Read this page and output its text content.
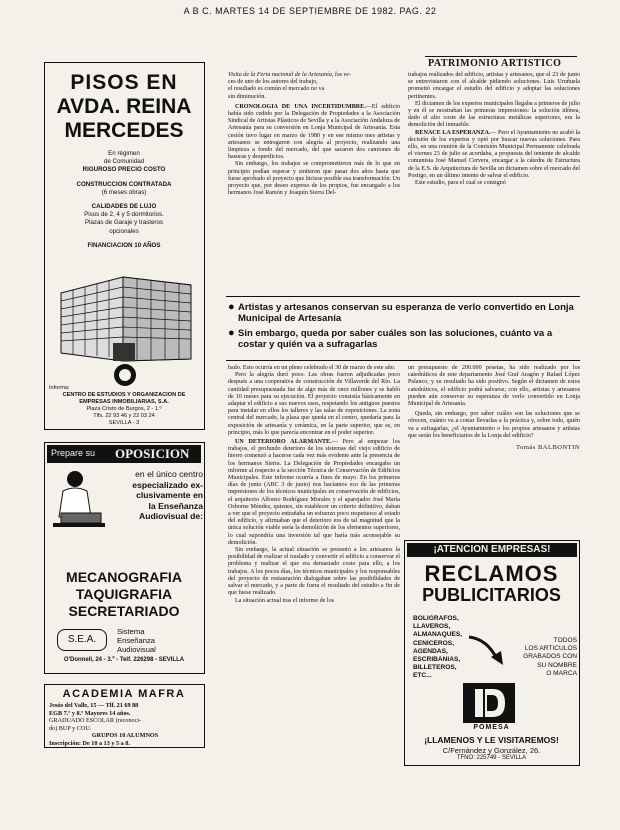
A B C. MARTES 14 DE SEPTIEMBRE DE 1982. PAG. 22
PISOS EN
AVDA. REINA
MERCEDES
En régimen
de Comunidad
RIGUROSO PRECIO COSTO
CONSTRUCCION CONTRATADA
(6 meses obras)
CALIDADES DE LUJO
Pisos de 2, 4 y 5 dormitorios.
Plazas de Garaje y trasteros
opcionales
FINANCIACION 10 AÑOS
Informa:
CENTRO DE ESTUDIOS Y ORGANIZACION DE
EMPRESAS INMOBILIARIAS, S.A.
Plaza Cristo de Burgos, 2 - 1.º
Tlfs. 22 93 46 y 22 03 24
SEVILLA - 3
Prepare su OPOSICION
en el único centro
especializado ex-
clusivamente en
la Enseñanza
Audiovisual de:
MECANOGRAFIA
TAQUIGRAFIA
SECRETARIADO
S.E.A.
Sistema
Enseñanza
Audiovisual
O'Donnell, 24 - 3.º - Telf. 226298 - SEVILLA
ACADEMIA MAFRA
Jesús del Valle, 15 — Tlf. 21 69 88
EGB 7.º y 8.º Mayores 14 años.
GRADUADO ESCOLAR (reconoci-
do) BUP y COU.
GRUPOS 10 ALUMNOS
Inscripción: De 10 a 13 y 5 a 8.
PATRIMONIO ARTISTICO
Visita de la Feria nacional de la Artesanía, los ve-
ces de uno de los autores del trabajo,
el resultado es común el mercado no va
sin diminución.

CRONOLOGIA DE UNA INCERTIDUMBRE.—El edificio había sido cedido por la Delegación de Propiedades a la Asociación Sindical de Artistas Plásticos de Sevilla y a la Asociación Andaluza de Artesanía para su conversión en Lonja Municipal de Artesanía. Esta cesión tuvo lugar en marzo de 1980 y en ese mismo mes artistas y artesanos se entregaron con alegría al proyecto, realizando una limpieza a fondo del mercado, del que sacaron dos camiones de basuras y desperdicios.

Sin embargo, los trabajos se comprometieron más de lo que en principio podían esperar y sintieron que pasar dos años hasta que fuese aprobado el proyecto que hiciese posible esa transformación. Un proyecto que, por deseo expreso de los propios, fue encargado a los hermanos José Ramón y Joaquín Sierra Del-

trabajos realizados del edificio, artistas y artesanos, que el 23 de junio se entrevistaron con el alcalde pidiendo soluciones. Luis Uruñuela prometió encargar el estudio del edificio y adoptar las soluciones pertinentes.

El dictamen de los expertos municipales llegaba a primeros de julio y en él se mostraban las primeras impresiones: la solución idónea, dado el alto coste de las estructuras metálicas superiores, era la demolición del inmueble.

RENACE LA ESPERANZA.— Pero el Ayuntamiento no acabó la decisión de los expertos y optó por buscar nuevas soluciones. Para ello, en una reunión de la Comisión Municipal Permanente celebrada el viernes 23 de julio se acordaba, a propuesta del teniente de alcalde comunista José Manuel Cervera, encargar a la cátedra de Estructura de la E.S. de Arquitectura de Sevilla un dictamen sobre el mercado del Postigo, en un último intento de salvar el edificio.

Este estudio, para el cual se consignó

● Artistas y artesanos conservan su esperanza de verlo convertido en Lonja Municipal de Artesanía
● Sin embargo, queda por saber cuáles son las soluciones, cuánto va a costar y quién va a sufragarlas

bado. Esto ocurría en un pleno celebrado el 30 de marzo de este año.

Pero la alegría duró poco. Las obras fueron adjudicadas poco después a una cooperativa de construcción de Villaverde del Río. La cantidad presupuestada fue de algo más de once millones y se habló de 10 meses para su ejecución. El proyecto consistía básicamente en adaptar el edificio a sus nuevos usos, respetando los antiguos puestos para instalar en ellos los talleres y las salas de exposiciones. La zona central del mercado, la plaza que queda en el centro, quedaría para la exposición de artesanía y cerámica, en la parte superior, que es, en principio, más lo que parecía encontrar en el poder superior.

UN DETERIORO ALARMANTE.— Pero al empezar los trabajos, el profundo deterioro de los sistemas del viejo edificio de hierro comenzó a hacerse cada vez más evidente ante la presencia de los hermanos Sierra. La Delegación de Propiedades encargaba un informe al respecto a la sección Técnica de Conservación de Edificios Municipales. Este informe ocurría a fines de mayo. En los primeros días de junio (ABC 3 de junio) nos hacíamos eco de las primeras impresiones de los técnicos municipales en conservación de edificios, el arquitecto Alfonso Rodríguez Morales y el aparejador José María Osborne Méndez, quienes, sin establecer un criterio definitivo, daban a ver que el proyecto entrañaba un esfuerzo poco respetuoso al estado del edificio, y afirmaban que el deterioro era de tal magnitud que la única solución viable sería la demolición de los elementos superiores, lo cual supondría una inversión tal que haría más aconsejable su demolición.

Sin embargo, la actual situación se presentó a los artesanos la posibilidad de realizar el traslado y convertir el edificio a conservar el problema y realizar el que era demasiado costo para ello, a los trabajos. A los pocos días, los técnicos municipales y los responsables del proyecto de restauración dialogaban sobre las posibilidades de salvar el mercado, y a parte de fuera el resultado del estudio a fin de que fuese realizado.

La situación actual tras el informe de los

un presupuesto de 200.000 pesetas, ha sido realizado por los catedráticos de este departamento José Graf Aragón y Rafael López Palanco, y su resultado ha sido positivo. Según el dictamen de estos catedráticos, el edificio podrá salvarse; con ello, artistas y artesanos pueden aún conservar su esperanza de verlo convertido en Lonja Municipal de Artesanía.

Queda, sin embargo, por saber cuáles son las soluciones que se ofrecen, cuánto va a costar llevarlas a la práctica y, sobre todo, quién va a sufragarlas, ¿el Ayuntamiento o los propios artesanos y artistas que serán los beneficiarios de la Lonja del edificio?

Tomás BALBONTIN
¡ATENCION EMPRESAS!
RECLAMOS
PUBLICITARIOS
BOLIGRAFOS, LLAVEROS, ALMANAQUES, CENICEROS, AGENDAS, ESCRIBANIAS, BILLETEROS, ETC...
TODOS
LOS ARTICULOS
GRABADOS CON
SU NOMBRE
O MARCA
POMESA
¡LLAMENOS Y LE VISITAREMOS!
C/Fernández y González, 26.
TFNO: 225749 - SEVILLA
